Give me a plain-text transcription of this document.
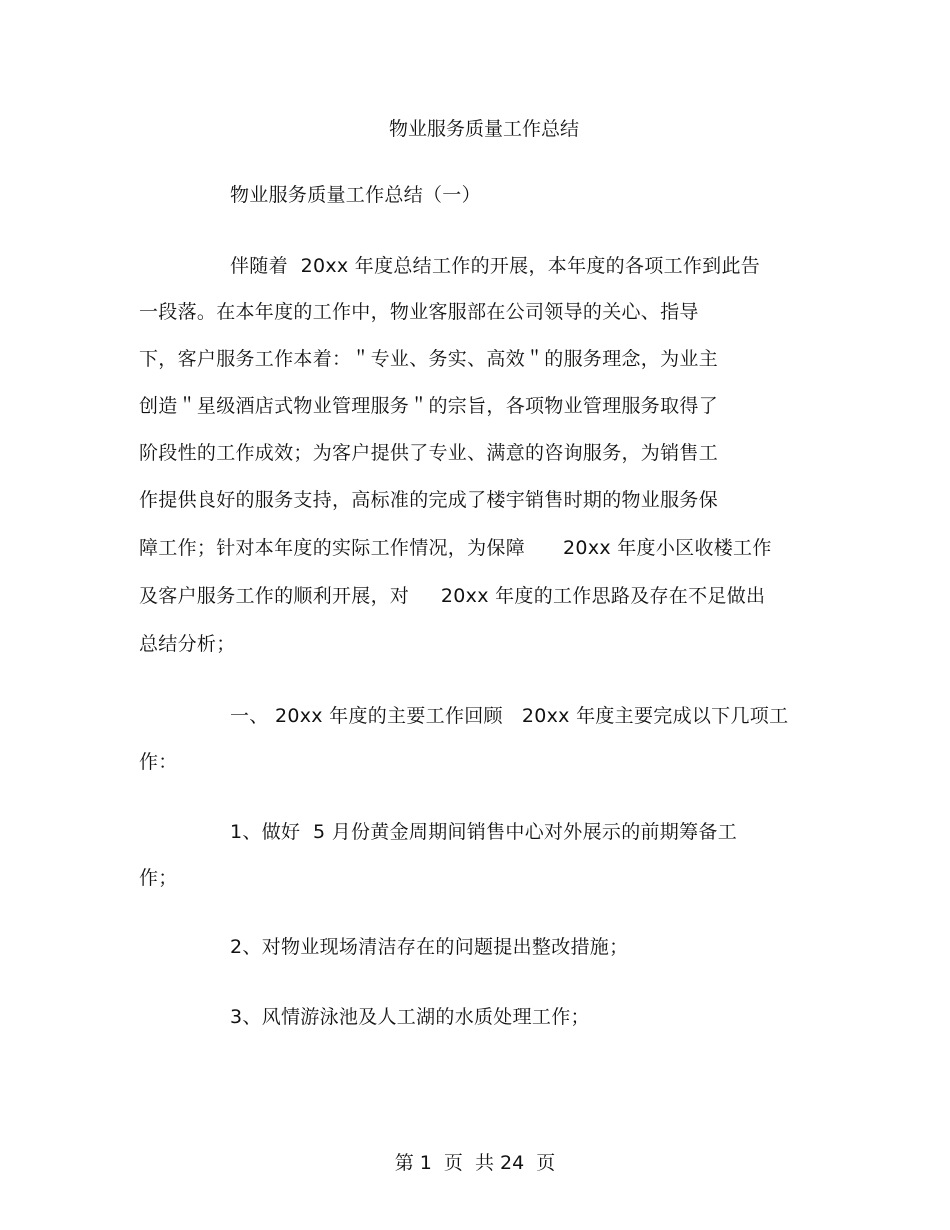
物业服务质量工作总结
物业服务质量工作总结（一）
伴随着  20xx 年度总结工作的开展，本年度的各项工作到此告
一段落。在本年度的工作中，物业客服部在公司领导的关心、指导
下，客户服务工作本着：＂专业、务实、高效＂的服务理念，为业主
创造＂星级酒店式物业管理服务＂的宗旨，各项物业管理服务取得了
阶段性的工作成效；为客户提供了专业、满意的咨询服务，为销售工
作提供良好的服务支持，高标准的完成了楼宇销售时期的物业服务保
障工作；针对本年度的实际工作情况，为保障      20xx 年度小区收楼工作
及客户服务工作的顺利开展，对     20xx 年度的工作思路及存在不足做出
总结分析；
一、 20xx 年度的主要工作回顾   20xx 年度主要完成以下几项工
作：
1、做好  5 月份黄金周期间销售中心对外展示的前期筹备工
作；
2、对物业现场清洁存在的问题提出整改措施；
3、风情游泳池及人工湖的水质处理工作；
第 1  页  共 24  页
